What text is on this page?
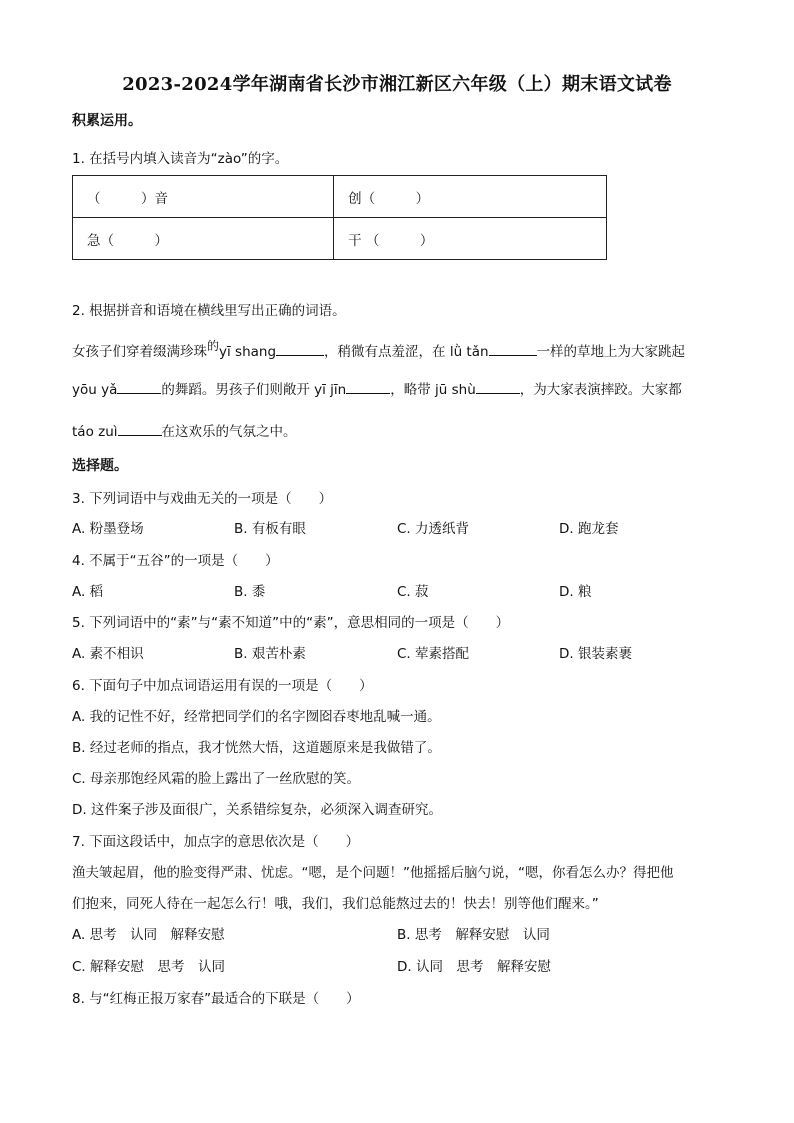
2023-2024学年湖南省长沙市湘江新区六年级（上）期末语文试卷
积累运用。
1. 在括号内填入读音为“zào”的字。
（　　　）音	创（　　　）
急（　　　）	干 （　　　）
2. 根据拼音和语境在横线里写出正确的词语。
女孩子们穿着缀满珍珠$^的$yī shang	，稍微有点羞涩，在 lǜ tǎn	一样的草地上为大家跳起
yōu yǎ	的舞蹈。男孩子们则敞开 yī jīn	，略带 jū shù	，为大家表演摔跤。大家都
táo zuì	在这欢乐的气氛之中。
选择题。
3. 下列词语中与戏曲无关的一项是（　　）
A. 粉墨登场	B. 有板有眼	C. 力透纸背	D. 跑龙套
4. 不属于“五谷”的一项是（　　）
A. 稻	B. 黍	C. 菽	D. 粮
5. 下列词语中的“素”与“素不知道”中的“素”，意思相同的一项是（　　）
A. 素不相识	B. 艰苦朴素	C. 荤素搭配	D. 银装素裹
6. 下面句子中加点词语运用有误的一项是（　　）
A. 我的记性不好，经常把同学们的名字囫囵吞枣地乱喊一通。
B. 经过老师的指点，我才恍然大悟，这道题原来是我做错了。
C. 母亲那饱经风霜的脸上露出了一丝欣慰的笑。
D. 这件案子涉及面很广，关系错综复杂，必须深入调查研究。
7. 下面这段话中，加点字的意思依次是（　　）
渔夫皱起眉，他的脸变得严肃、忧虑。“嗯，是个问题！”他摇摇后脑勺说，“嗯，你看怎么办？得把他
们抱来，同死人待在一起怎么行！哦，我们，我们总能熬过去的！快去！别等他们醒来。”
A. 思考　认同　解释安慰	B. 思考　解释安慰　认同
C. 解释安慰　思考　认同	D. 认同　思考　解释安慰
8. 与“红梅正报万家春”最适合的下联是（　　）
